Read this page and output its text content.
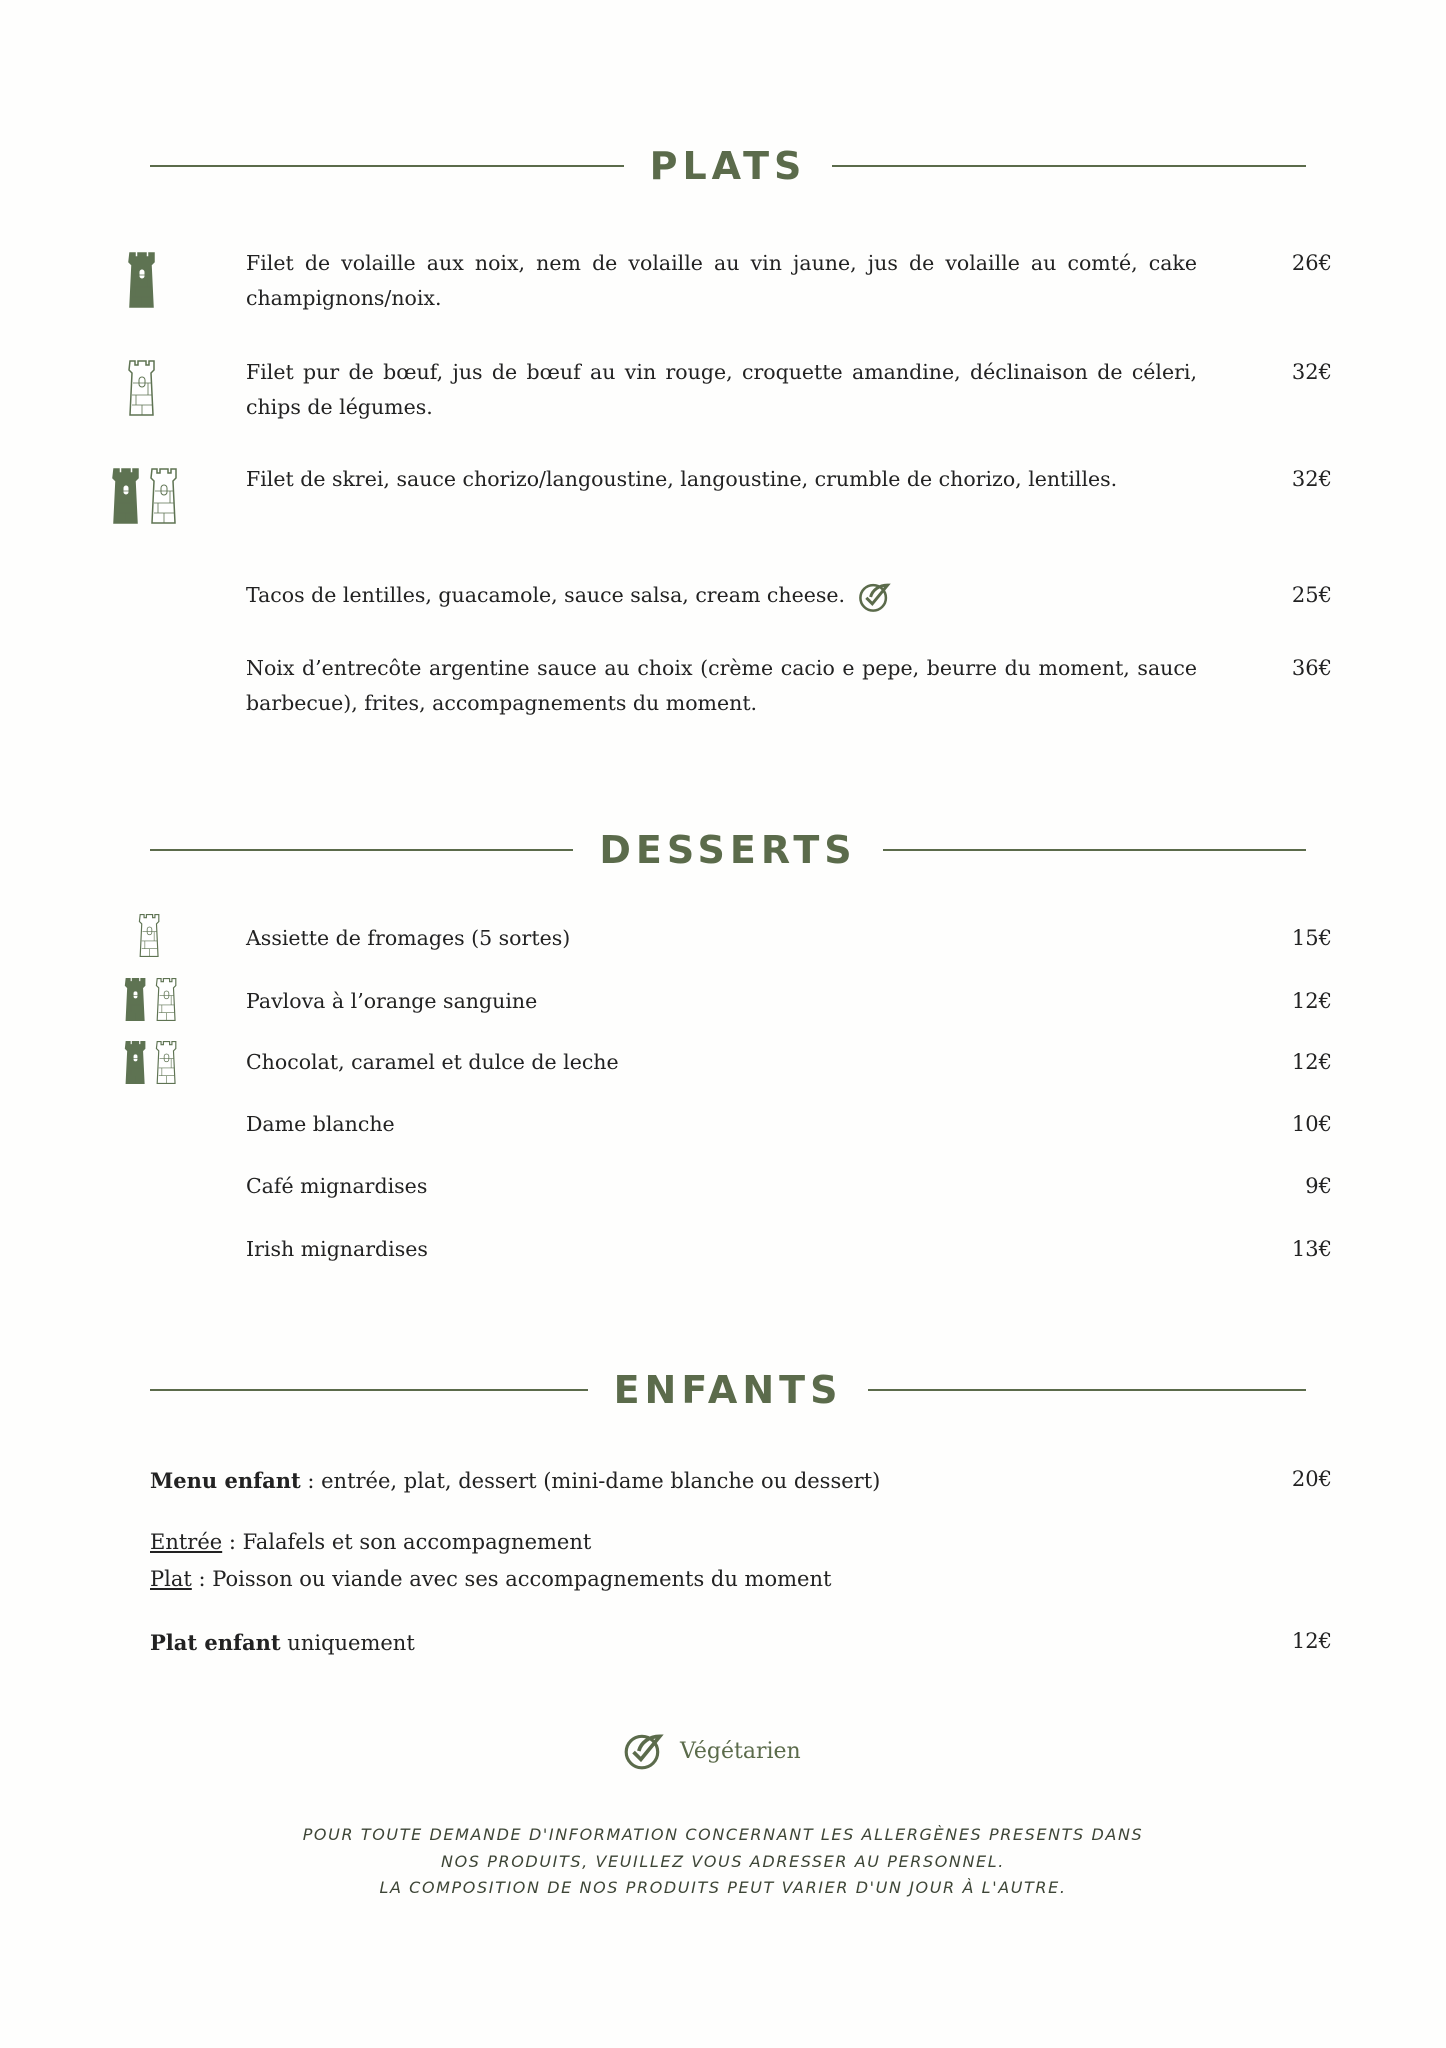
PLATS
Filet de volaille aux noix, nem de volaille au vin jaune, jus de volaille au comté, cake champignons/noix.
26€
Filet pur de bœuf, jus de bœuf au vin rouge, croquette amandine, déclinaison de céleri, chips de légumes.
32€
Filet de skrei, sauce chorizo/langoustine, langoustine, crumble de chorizo, lentilles.	32€
Tacos de lentilles, guacamole, sauce salsa, cream cheese.	25€
Noix d’entrecôte argentine sauce au choix (crème cacio e pepe, beurre du moment, sauce barbecue), frites, accompagnements du moment.
36€
DESSERTS
Assiette de fromages (5 sortes)	15€
Pavlova à l’orange sanguine	12€
Chocolat, caramel et dulce de leche	12€
Dame blanche	10€
Café mignardises	9€
Irish mignardises	13€
ENFANTS
Menu enfant : entrée, plat, dessert (mini-dame blanche ou dessert)	20€
Entrée : Falafels et son accompagnement
Plat : Poisson ou viande avec ses accompagnements du moment
Plat enfant uniquement	12€
Végétarien
POUR TOUTE DEMANDE D'INFORMATION CONCERNANT LES ALLERGÈNES PRESENTS DANS
NOS PRODUITS, VEUILLEZ VOUS ADRESSER AU PERSONNEL.
LA COMPOSITION DE NOS PRODUITS PEUT VARIER D'UN JOUR À L'AUTRE.
